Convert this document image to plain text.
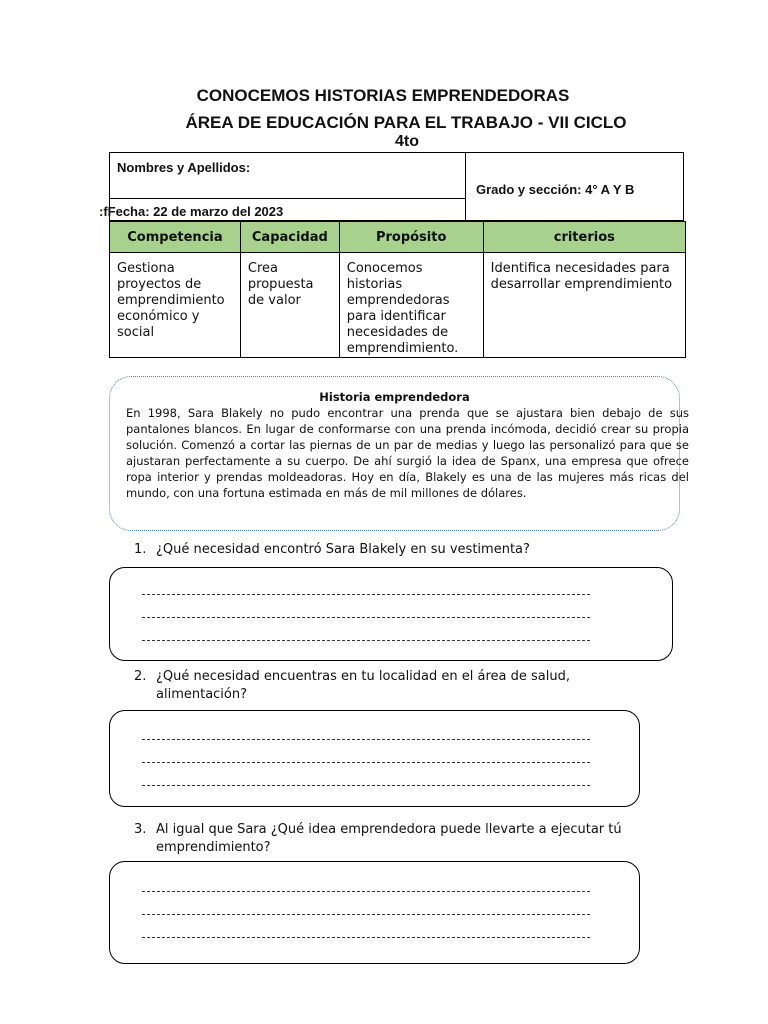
CONOCEMOS HISTORIAS EMPRENDEDORAS
ÁREA DE EDUCACIÓN PARA EL TRABAJO - VII CICLO
4to
Nombres y Apellidos:
Grado y sección: 4° A Y B
:fFecha: 22 de marzo del 2023
Competencia	Capacidad	Propósito	criterios
Gestiona proyectos de emprendimiento económico y social	Crea propuesta de valor	Conocemos historias emprendedoras para identificar necesidades de emprendimiento.	Identifica necesidades para desarrollar emprendimiento
Historia emprendedora
En 1998, Sara Blakely no pudo encontrar una prenda que se ajustara bien debajo de sus pantalones blancos. En lugar de conformarse con una prenda incómoda, decidió crear su propia solución. Comenzó a cortar las piernas de un par de medias y luego las personalizó para que se ajustaran perfectamente a su cuerpo. De ahí surgió la idea de Spanx, una empresa que ofrece ropa interior y prendas moldeadoras. Hoy en día, Blakely es una de las mujeres más ricas del mundo, con una fortuna estimada en más de mil millones de dólares.
1. ¿Qué necesidad encontró Sara Blakely en su vestimenta?
2. ¿Qué necesidad encuentras en tu localidad en el área de salud, alimentación?
3. Al igual que Sara ¿Qué idea emprendedora puede llevarte a ejecutar tú emprendimiento?
